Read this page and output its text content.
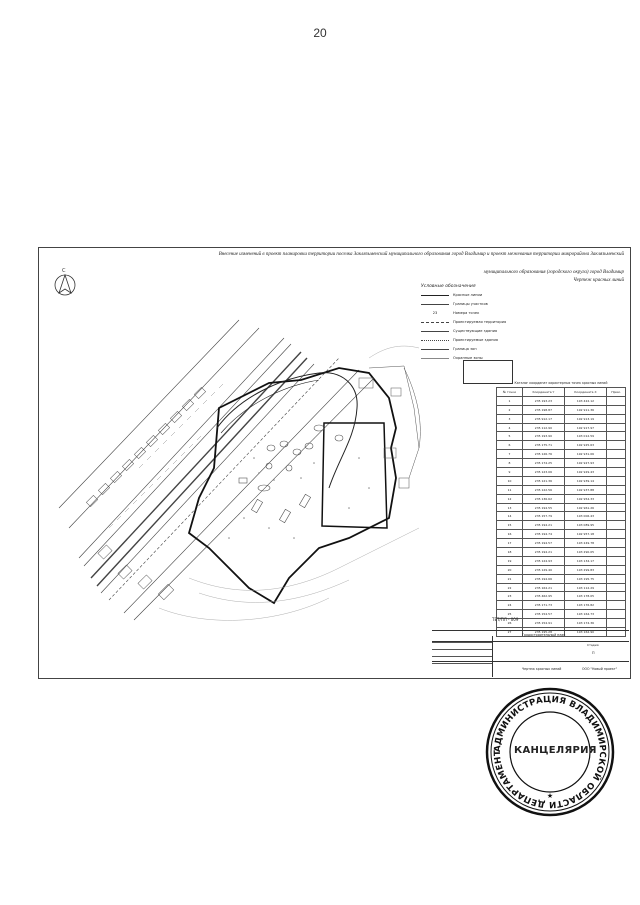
20
С
Внесение изменений в проект планировки территории поселка Заклязьменский муниципального образования город Владимир и проект межевания территории микрорайона Заклязьменский
муниципального образования (городского округа) город Владимир
Чертеж красных линий
Условные обозначения
Красные линии
Границы участков
23	Номера точек
Проектируемая территория
Существующие здания
Проектируемые здания
Граница зон
Охранные зоны
Каталог координат характерных точек красных линий
№ точки	Координата Y	Координата X	Прим.
1	235 193.23	193 422.12	
2	235 198.87	192 911.36	
3	235 912.17	192 913.19	
4	235 112.90	192 917.97	
5	235 193.90	193 012.59	
6	235 175.71	192 925.63	
7	235 126.76	192 931.06	
8	235 174.25	192 927.93	
9	235 123.06	192 929.43	
10	235 121.36	192 939.14	
11	235 122.56	192 937.88	
12	235 136.62	192 954.33	
13	235 194.55	192 961.26	
14	235 157.79	193 006.43	
15	235 194.21	193 089.95	
16	235 194.74	192 957.18	
17	235 194.57	193 249.78	
18	235 194.21	193 290.05	
19	235 124.93	193 134.17	
20	235 129.40	193 299.83	
21	235 194.66	193 195.75	
22	235 164.21	193 112.29	
23	235 462.95	193 178.05	
24	235 171.73	193 176.82	
25	235 154.57	193 164.73	
26	235 154.91	193 174.36	
27	235 195.28	193 162.90	
ТЕТ/ПЛ - 009
Градостроительный план
Стадия
П
Чертеж красных линий	ООО "Новый проект"
АДМИНИСТРАЦИЯ ВЛАДИМИРСКОЙ ОБЛАСТИ ДЕПАРТАМЕНТ
★
КАНЦЕЛЯРИЯ
